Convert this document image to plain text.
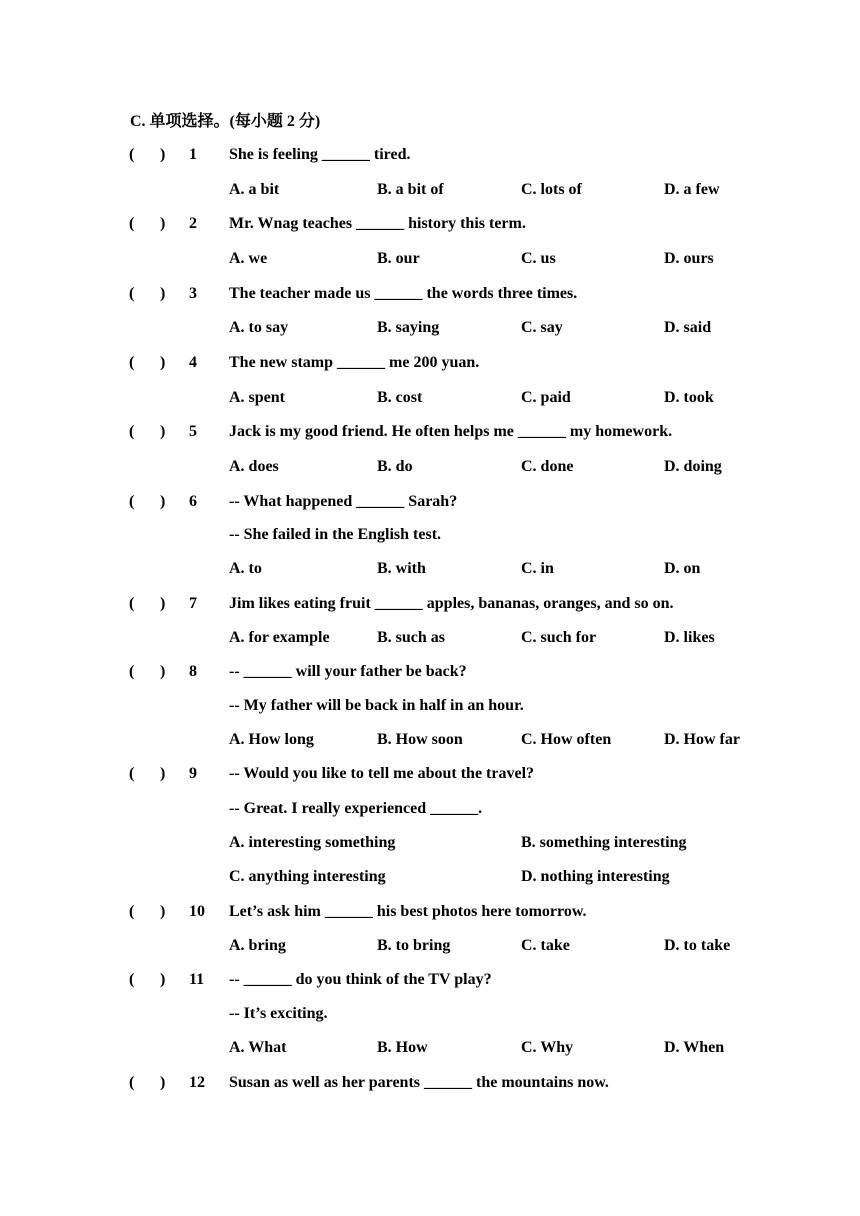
C. 单项选择。(每小题 2 分)
( ) 1 She is feeling ______ tired.
A. a bit	B. a bit of	C. lots of	D. a few
( ) 2 Mr. Wnag teaches ______ history this term.
A. we	B. our	C. us	D. ours
( ) 3 The teacher made us ______ the words three times.
A. to say	B. saying	C. say	D. said
( ) 4 The new stamp ______ me 200 yuan.
A. spent	B. cost	C. paid	D. took
( ) 5 Jack is my good friend. He often helps me ______ my homework.
A. does	B. do	C. done	D. doing
( ) 6 -- What happened ______ Sarah?
-- She failed in the English test.
A. to	B. with	C. in	D. on
( ) 7 Jim likes eating fruit ______ apples, bananas, oranges, and so on.
A. for example	B. such as	C. such for	D. likes
( ) 8 -- ______ will your father be back?
-- My father will be back in half in an hour.
A. How long	B. How soon	C. How often	D. How far
( ) 9 -- Would you like to tell me about the travel?
-- Great. I really experienced ______.
A. interesting something	B. something interesting
C. anything interesting	D. nothing interesting
( ) 10 Let’s ask him ______ his best photos here tomorrow.
A. bring	B. to bring	C. take	D. to take
( ) 11 -- ______ do you think of the TV play?
-- It’s exciting.
A. What	B. How	C. Why	D. When
( ) 12 Susan as well as her parents ______ the mountains now.
